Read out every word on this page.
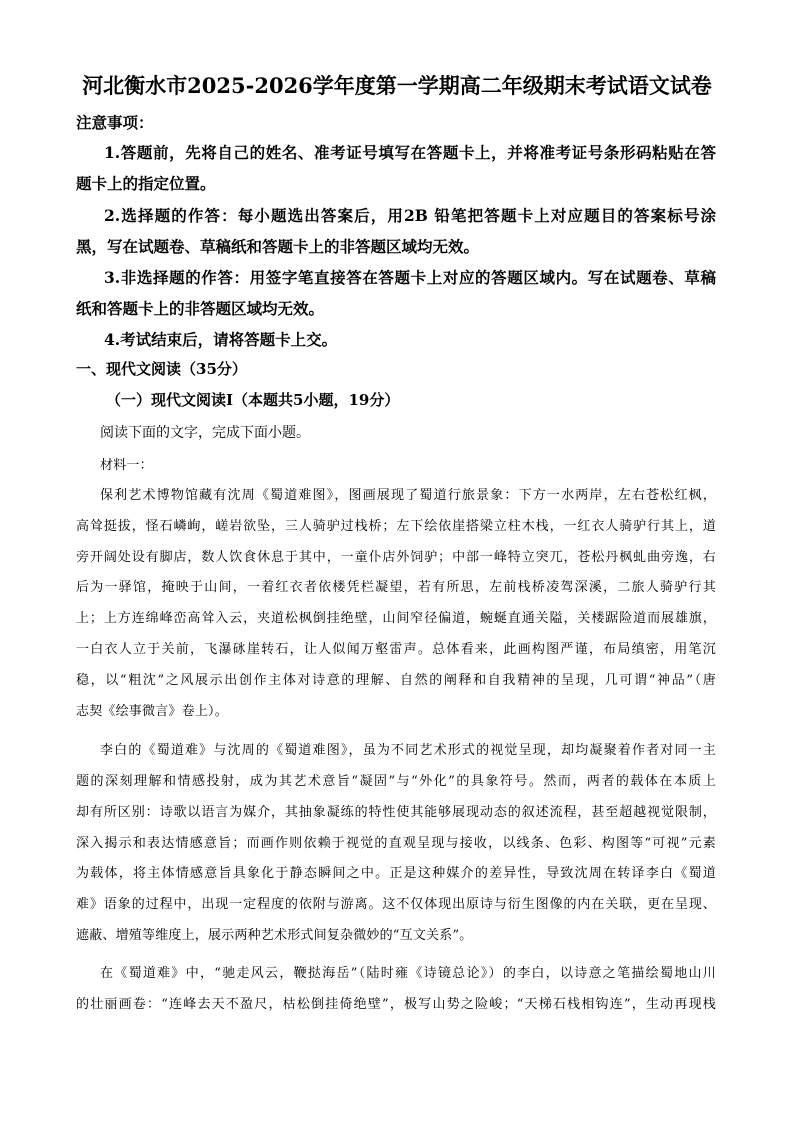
河北衡水市2025-2026学年度第一学期高二年级期末考试语文试卷
注意事项：
1.答题前，先将自己的姓名、准考证号填写在答题卡上，并将准考证号条形码粘贴在答
题卡上的指定位置。
2.选择题的作答：每小题选出答案后，用2B 铅笔把答题卡上对应题目的答案标号涂
黑，写在试题卷、草稿纸和答题卡上的非答题区域均无效。
3.非选择题的作答：用签字笔直接答在答题卡上对应的答题区域内。写在试题卷、草稿
纸和答题卡上的非答题区域均无效。
4.考试结束后，请将答题卡上交。
一、现代文阅读（35分）
（一）现代文阅读Ⅰ（本题共5小题，19分）
阅读下面的文字，完成下面小题。
材料一：
保利艺术博物馆藏有沈周《蜀道难图》，图画展现了蜀道行旅景象：下方一水两岸，左右苍松红枫，
高耸挺拔，怪石嶙峋，嵯岩欲坠，三人骑驴过栈桥；左下绘依崖搭梁立柱木栈，一红衣人骑驴行其上，道
旁开阔处设有脚店，数人饮食休息于其中，一童仆店外饲驴；中部一峰特立突兀，苍松丹枫虬曲旁逸，右
后为一驿馆，掩映于山间，一着红衣者依楼凭栏凝望，若有所思，左前栈桥凌驾深溪，二旅人骑驴行其
上；上方连绵峰峦高耸入云，夹道松枫倒挂绝壁，山间窄径偏道，蜿蜒直通关隘，关楼踞险道而展雄旗，
一白衣人立于关前，飞瀑砯崖转石，让人似闻万壑雷声。总体看来，此画构图严谨，布局缜密，用笔沉
稳，以“粗沈”之风展示出创作主体对诗意的理解、自然的阐释和自我精神的呈现，几可谓“神品”（唐
志契《绘事微言》卷上）。
李白的《蜀道难》与沈周的《蜀道难图》，虽为不同艺术形式的视觉呈现，却均凝聚着作者对同一主
题的深刻理解和情感投射，成为其艺术意旨“凝固”与“外化”的具象符号。然而，两者的载体在本质上
却有所区别：诗歌以语言为媒介，其抽象凝练的特性使其能够展现动态的叙述流程，甚至超越视觉限制，
深入揭示和表达情感意旨；而画作则依赖于视觉的直观呈现与接收，以线条、色彩、构图等“可视”元素
为载体，将主体情感意旨具象化于静态瞬间之中。正是这种媒介的差异性，导致沈周在转译李白《蜀道
难》语象的过程中，出现一定程度的依附与游离。这不仅体现出原诗与衍生图像的内在关联，更在呈现、
遮蔽、增殖等维度上，展示两种艺术形式间复杂微妙的“互文关系”。
在《蜀道难》中，“驰走风云，鞭挞海岳”（陆时雍《诗镜总论》）的李白，以诗意之笔描绘蜀地山川
的壮丽画卷：“连峰去天不盈尺，枯松倒挂倚绝壁”，极写山势之险峻；“天梯石栈相钩连”，生动再现栈
